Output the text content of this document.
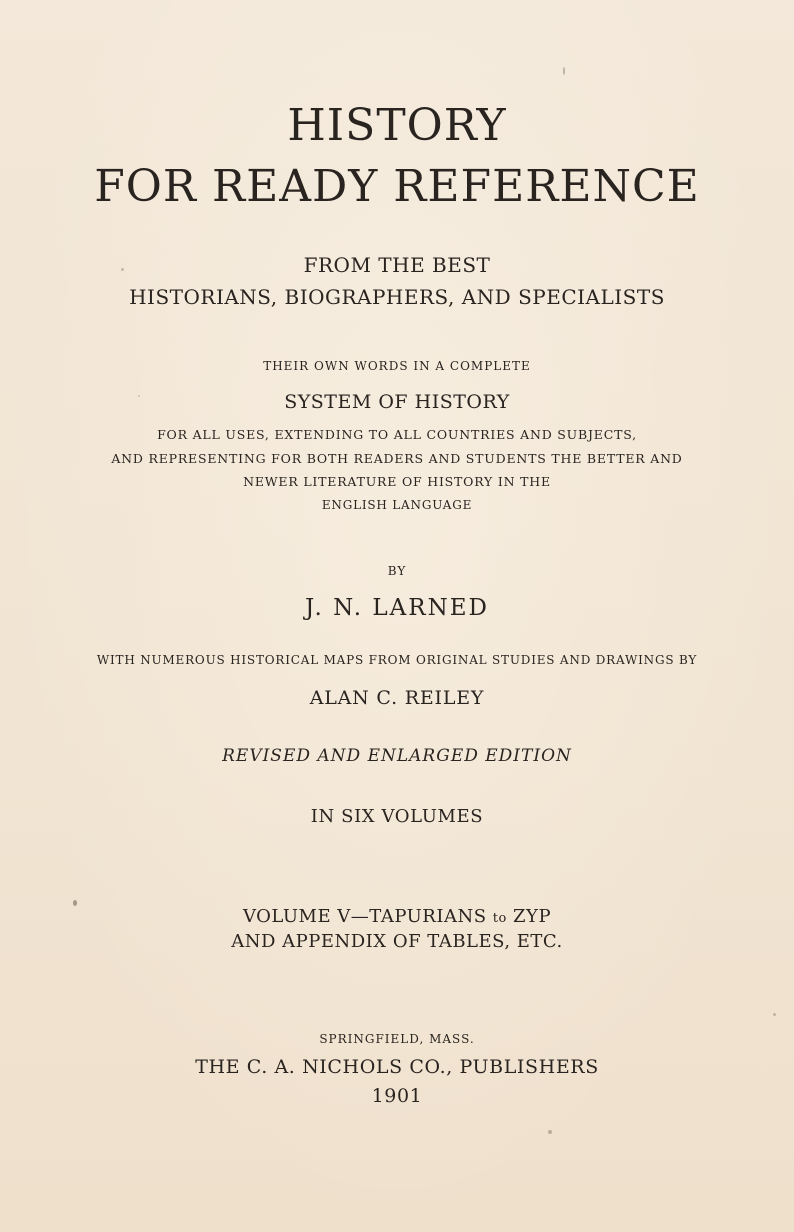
HISTORY
FOR READY REFERENCE
FROM THE BEST
HISTORIANS, BIOGRAPHERS, AND SPECIALISTS
THEIR OWN WORDS IN A COMPLETE
SYSTEM OF HISTORY
FOR ALL USES, EXTENDING TO ALL COUNTRIES AND SUBJECTS,
AND REPRESENTING FOR BOTH READERS AND STUDENTS THE BETTER AND
NEWER LITERATURE OF HISTORY IN THE
ENGLISH LANGUAGE
BY
J. N. LARNED
WITH NUMEROUS HISTORICAL MAPS FROM ORIGINAL STUDIES AND DRAWINGS BY
ALAN C. REILEY
REVISED AND ENLARGED EDITION
IN SIX VOLUMES
VOLUME V—TAPURIANS to ZYP
AND APPENDIX OF TABLES, ETC.
SPRINGFIELD, MASS.
THE C. A. NICHOLS CO., PUBLISHERS
1901
